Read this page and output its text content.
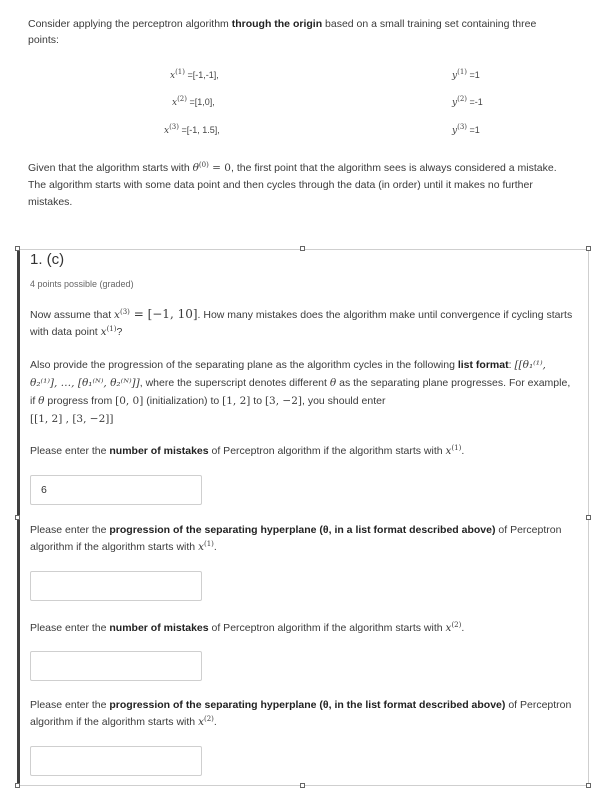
Consider applying the perceptron algorithm through the origin based on a small training set containing three points:
$x^{(1)} =[-1,-1]$,	$y^{(1)} =1$
$x^{(2)} =[1,0]$,	$y^{(2)} =-1$
$x^{(3)} =[-1$, 1.5],	$y^{(3)} =1$
Given that the algorithm starts with $\theta^{(0)} = 0$, the first point that the algorithm sees is always considered a mistake. The algorithm starts with some data point and then cycles through the data (in order) until it makes no further mistakes.
1. (c)
4 points possible (graded)
Now assume that $x^{(3)} = [-1$, 10]. How many mistakes does the algorithm make until convergence if cycling starts with data point $x^{(1)}$?
Also provide the progression of the separating plane as the algorithm cycles in the following list format: [[θ₁⁽¹⁾, θ₂⁽¹⁾], …, [θ₁⁽ᴺ⁾, θ₂⁽ᴺ⁾]], where the superscript denotes different θ as the separating plane progresses. For example, if θ progress from [0, 0] (initialization) to [1, 2] to [3, −2], you should enter
[[1, 2] , [3, −2]]
Please enter the number of mistakes of Perceptron algorithm if the algorithm starts with $x^{(1)}$.
6
Please enter the progression of the separating hyperplane (θ, in a list format described above) of Perceptron algorithm if the algorithm starts with $x^{(1)}$.
Please enter the number of mistakes of Perceptron algorithm if the algorithm starts with $x^{(2)}$.
Please enter the progression of the separating hyperplane (θ, in the list format described above) of Perceptron algorithm if the algorithm starts with $x^{(2)}$.
